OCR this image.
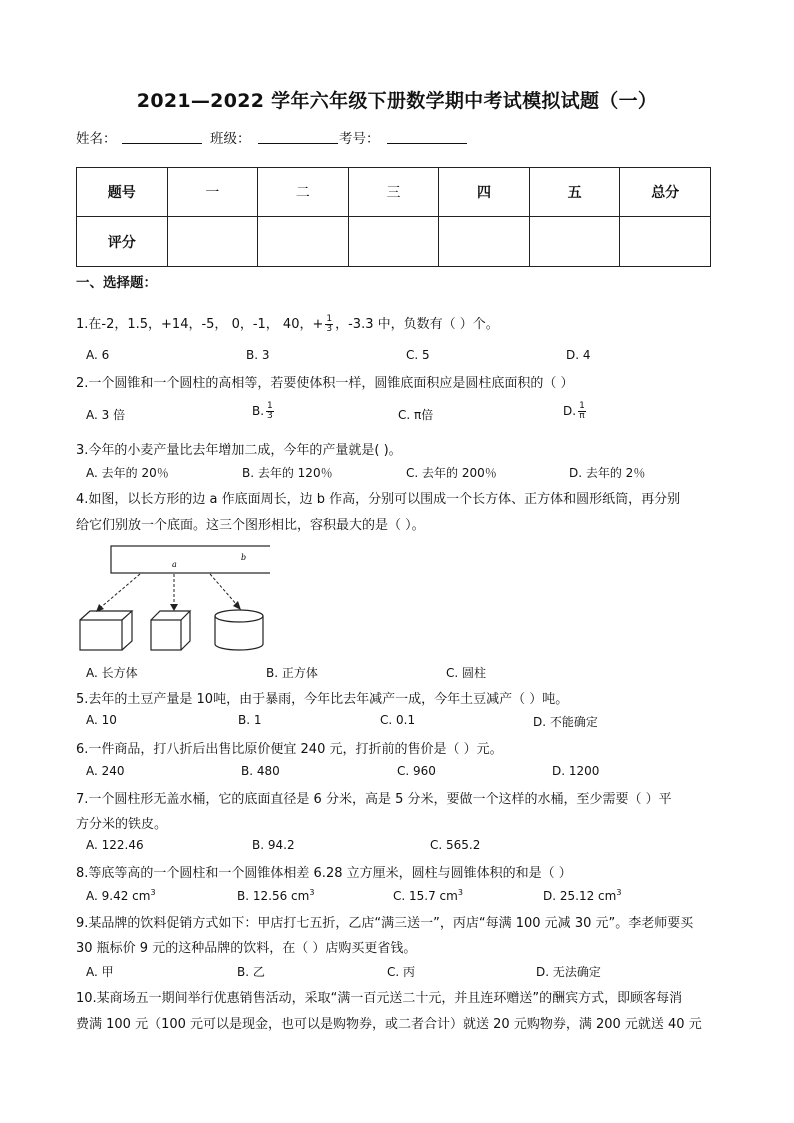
2021—2022 学年六年级下册数学期中考试模拟试题（一）
姓名：	班级：	考号：
题号	一	二	三	四	五	总分
评分						
一、选择题：
1.在-2，1.5，+14，-5， 0，-1， 40，+ $\frac{1}{3}$ ，-3.3 中，负数有（ ）个。
A. 6	B. 3	C. 5	D. 4
2.一个圆锥和一个圆柱的高相等，若要使体积一样，圆锥底面积应是圆柱底面积的（ ）
A. 3 倍	B. $\frac{1}{3}$	C. π倍	D. $\frac{1}{\pi}$
3.今年的小麦产量比去年增加二成，今年的产量就是( )。
A. 去年的 20％	B. 去年的 120％	C. 去年的 200％	D. 去年的 2％
4.如图，以长方形的边 a 作底面周长，边 b 作高，分别可以围成一个长方体、正方体和圆形纸筒，再分别
给它们别放一个底面。这三个图形相比，容积最大的是（ ）。
a
b
A. 长方体	B. 正方体	C. 圆柱
5.去年的土豆产量是 10吨，由于暴雨，今年比去年减产一成，今年土豆减产（ ）吨。
A. 10	B. 1	C. 0.1	D. 不能确定
6.一件商品，打八折后出售比原价便宜 240 元，打折前的售价是（ ）元。
A. 240	B. 480	C. 960	D. 1200
7.一个圆柱形无盖水桶，它的底面直径是 6 分米，高是 5 分米，要做一个这样的水桶，至少需要（ ）平
方分米的铁皮。
A. 122.46	B. 94.2	C. 565.2
8.等底等高的一个圆柱和一个圆锥体相差 6.28 立方厘米，圆柱与圆锥体积的和是（ ）
A. 9.42 $cm^3$	B. 12.56 $cm^3$	C. 15.7 $cm^3$	D. 25.12 $cm^3$
9.某品牌的饮料促销方式如下：甲店打七五折，乙店“满三送一”，丙店“每满 100 元减 30 元”。李老师要买
30 瓶标价 9 元的这种品牌的饮料，在（ ）店购买更省钱。
A. 甲	B. 乙	C. 丙	D. 无法确定
10.某商场五一期间举行优惠销售活动，采取“满一百元送二十元，并且连环赠送”的酬宾方式，即顾客每消
费满 100 元（100 元可以是现金，也可以是购物券，或二者合计）就送 20 元购物券，满 200 元就送 40 元
